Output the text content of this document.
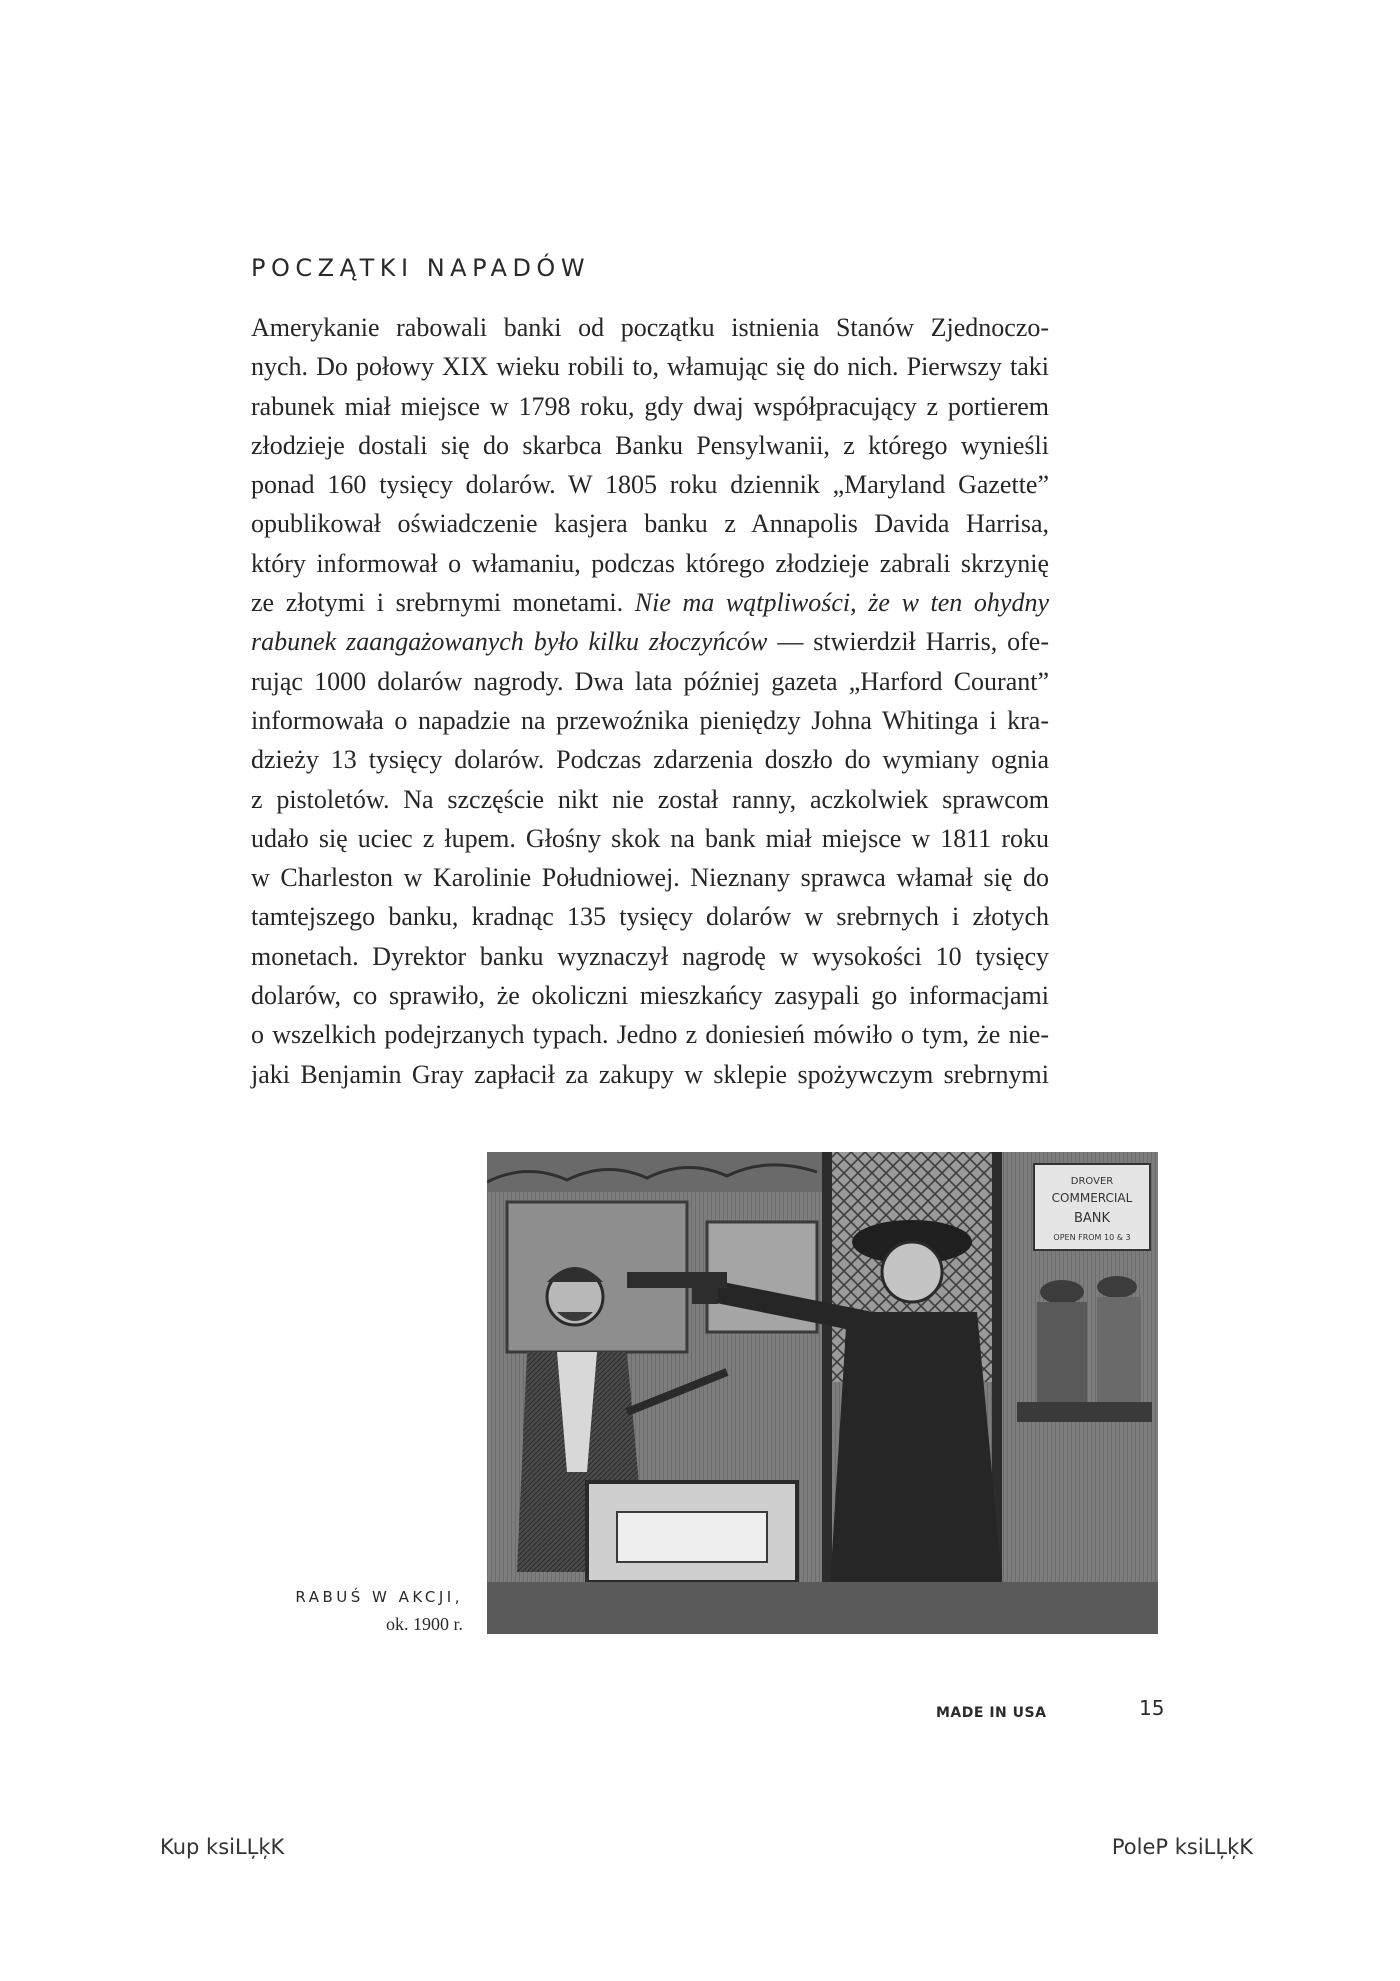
POCZĄTKI NAPADÓW
Amerykanie rabowali banki od początku istnienia Stanów Zjednoczo-
nych. Do połowy XIX wieku robili to, włamując się do nich. Pierwszy taki
rabunek miał miejsce w 1798 roku, gdy dwaj współpracujący z portierem
złodzieje dostali się do skarbca Banku Pensylwanii, z którego wynieśli
ponad 160 tysięcy dolarów. W 1805 roku dziennik „Maryland Gazette”
opublikował oświadczenie kasjera banku z Annapolis Davida Harrisa,
który informował o włamaniu, podczas którego złodzieje zabrali skrzynię
ze złotymi i srebrnymi monetami. Nie ma wątpliwości, że w ten ohydny
rabunek zaangażowanych było kilku złoczyńców — stwierdził Harris, ofe-
rując 1000 dolarów nagrody. Dwa lata później gazeta „Harford Courant”
informowała o napadzie na przewoźnika pieniędzy Johna Whitinga i kra-
dzieży 13 tysięcy dolarów. Podczas zdarzenia doszło do wymiany ognia
z pistoletów. Na szczęście nikt nie został ranny, aczkolwiek sprawcom
udało się uciec z łupem. Głośny skok na bank miał miejsce w 1811 roku
w Charleston w Karolinie Południowej. Nieznany sprawca włamał się do
tamtejszego banku, kradnąc 135 tysięcy dolarów w srebrnych i złotych
monetach. Dyrektor banku wyznaczył nagrodę w wysokości 10 tysięcy
dolarów, co sprawiło, że okoliczni mieszkańcy zasypali go informacjami
o wszelkich podejrzanych typach. Jedno z doniesień mówiło o tym, że nie-
jaki Benjamin Gray zapłacił za zakupy w sklepie spożywczym srebrnymi
DROVER
COMMERCIAL
BANK
OPEN FROM 10 & 3
RABUŚ W AKCJI,
ok. 1900 r.
MADE IN USA	15
Kup ksiLĻķK	PoleP ksiLĻķK
